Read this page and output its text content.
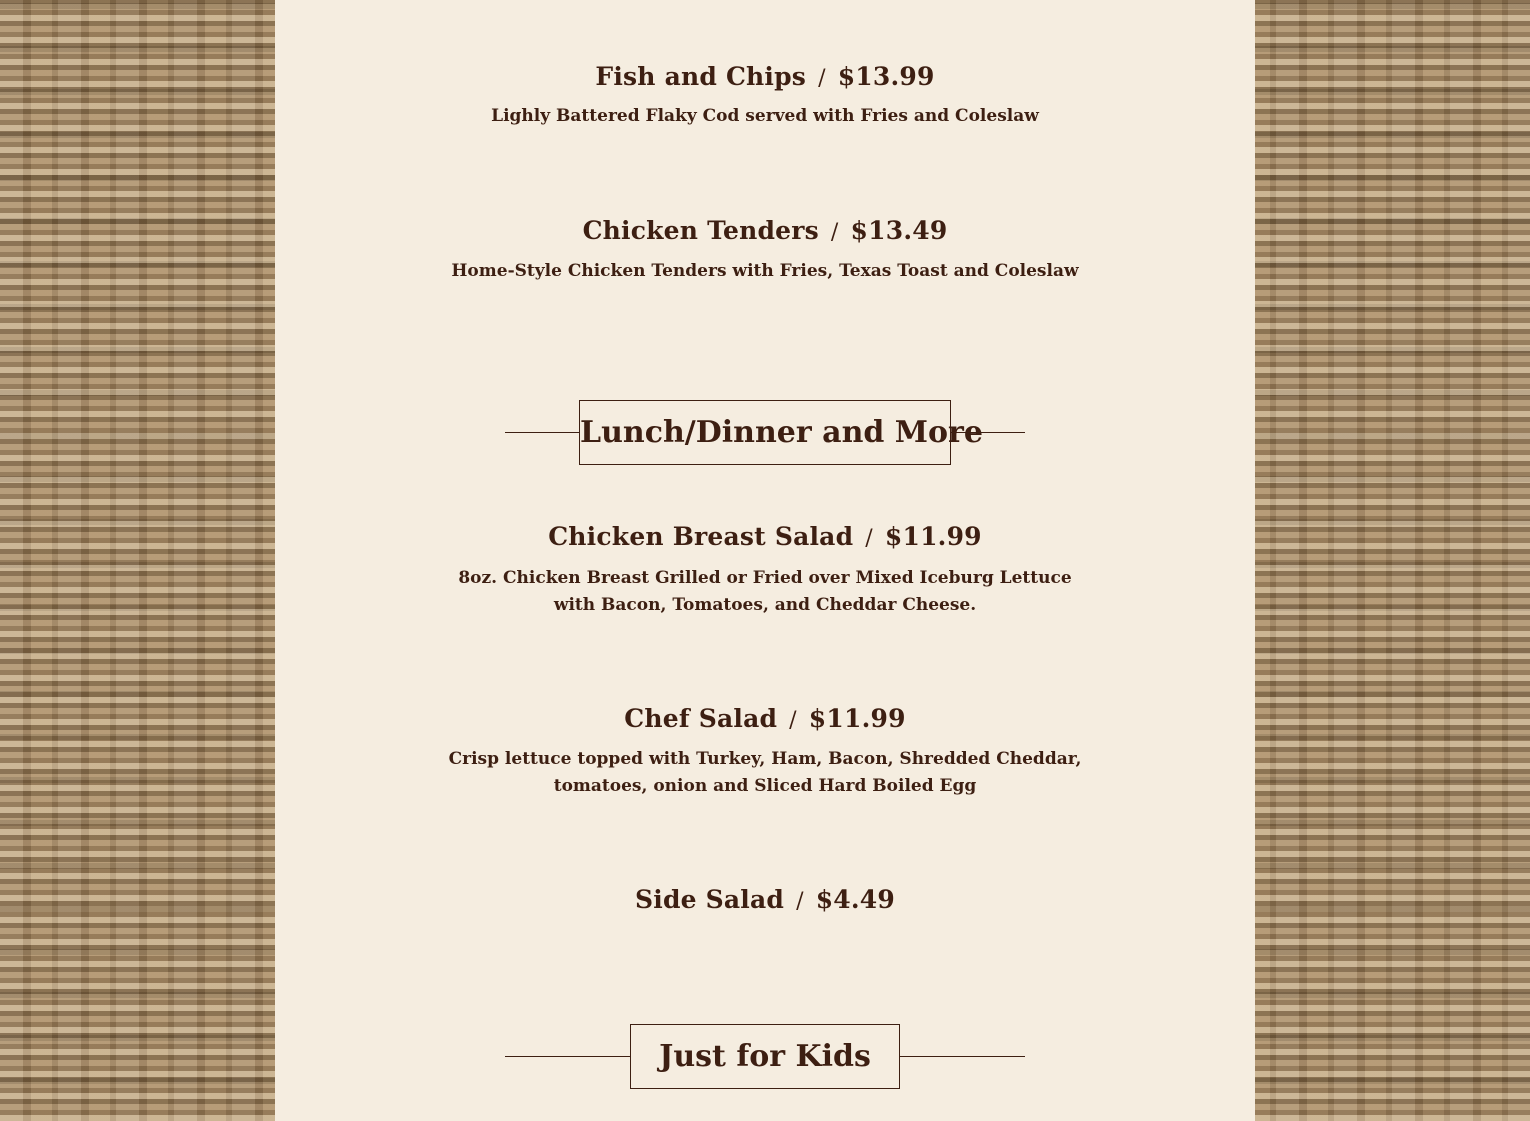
Fish and Chips / $13.99
Lighly Battered Flaky Cod served with Fries and Coleslaw
Chicken Tenders / $13.49
Home-Style Chicken Tenders with Fries, Texas Toast and Coleslaw
Lunch/Dinner and More
Chicken Breast Salad / $11.99
8oz. Chicken Breast Grilled or Fried over Mixed Iceburg Lettuce with Bacon, Tomatoes, and Cheddar Cheese.
Chef Salad / $11.99
Crisp lettuce topped with Turkey, Ham, Bacon, Shredded Cheddar, tomatoes, onion and Sliced Hard Boiled Egg
Side Salad / $4.49
Just for Kids
